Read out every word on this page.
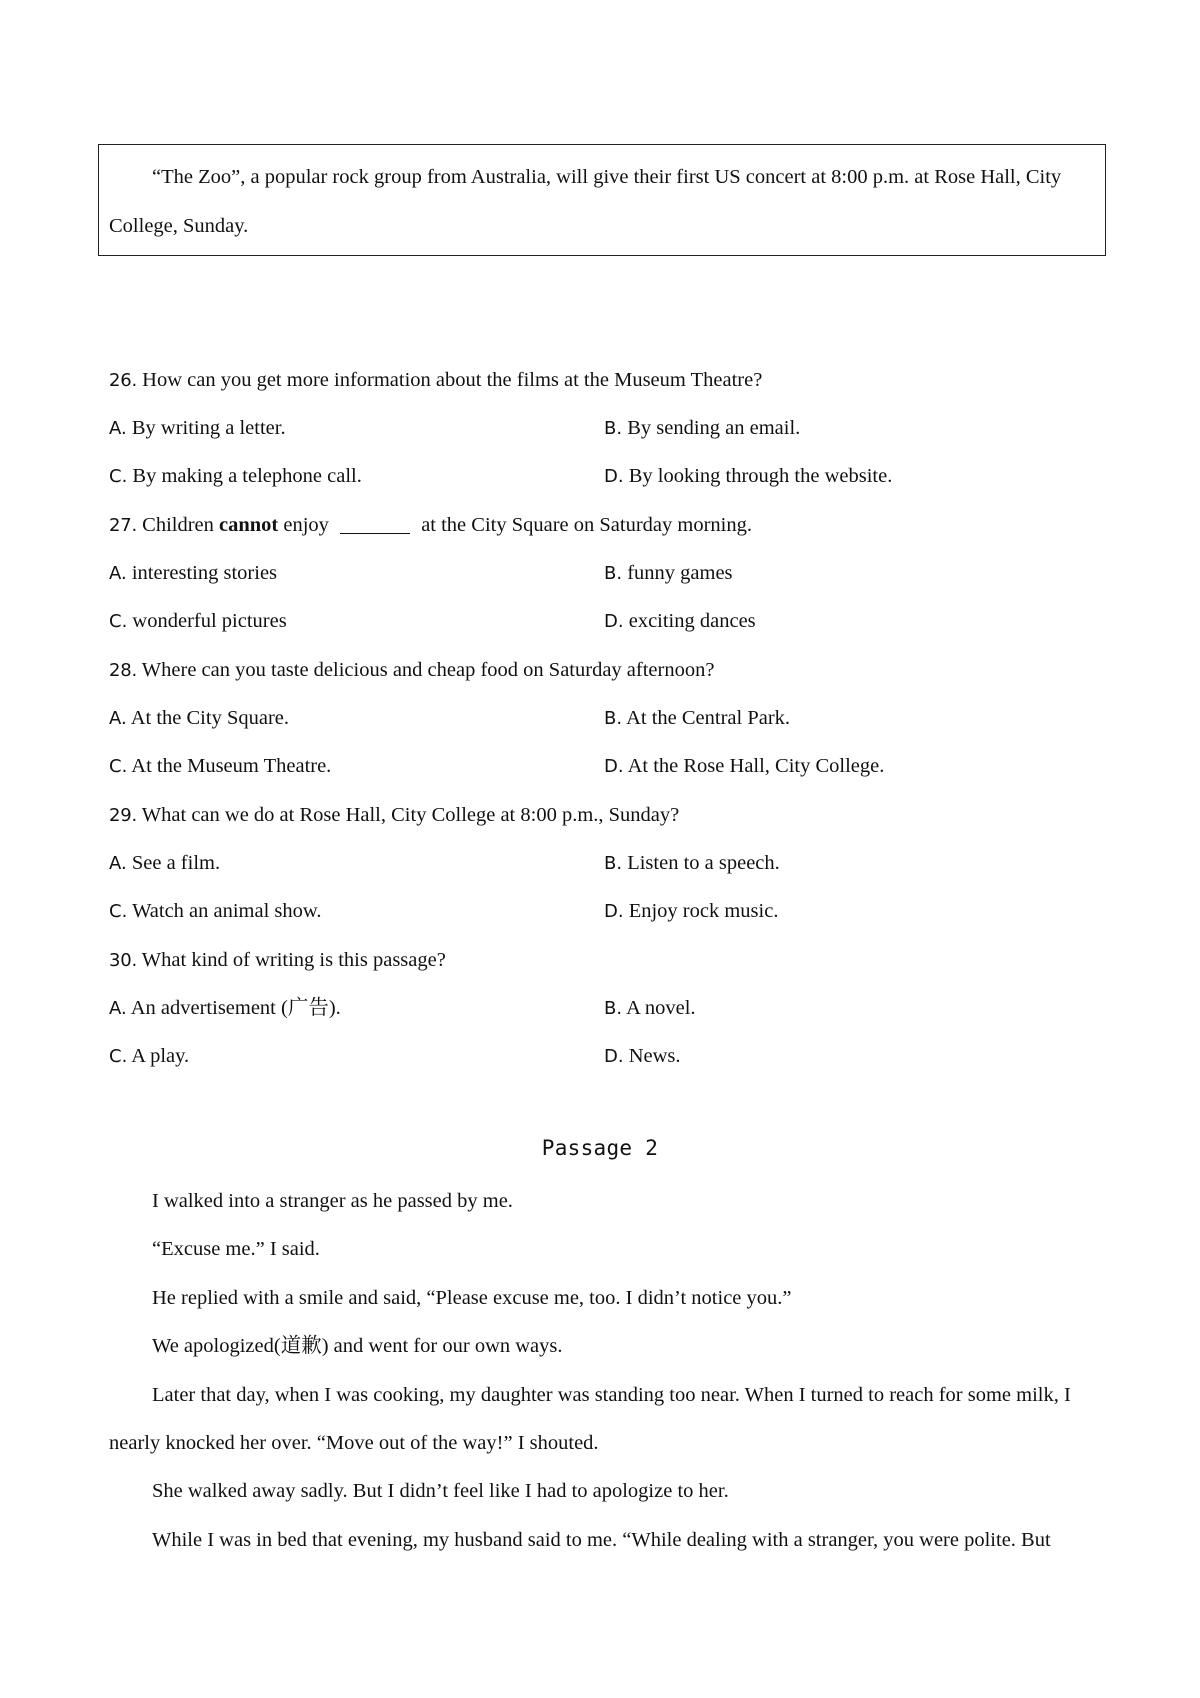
“The Zoo”, a popular rock group from Australia, will give their first US concert at 8:00 p.m. at Rose Hall, City
College, Sunday.
26. How can you get more information about the films at the Museum Theatre?
A. By writing a letter.	B. By sending an email.
C. By making a telephone call.	D. By looking through the website.
27. Children cannot enjoy	at the City Square on Saturday morning.
A. interesting stories	B. funny games
C. wonderful pictures	D. exciting dances
28. Where can you taste delicious and cheap food on Saturday afternoon?
A. At the City Square.	B. At the Central Park.
C. At the Museum Theatre.	D. At the Rose Hall, City College.
29. What can we do at Rose Hall, City College at 8:00 p.m., Sunday?
A. See a film.	B. Listen to a speech.
C. Watch an animal show.	D. Enjoy rock music.
30. What kind of writing is this passage?
A. An advertisement (广告).	B. A novel.
C. A play.	D. News.
Passage 2
I walked into a stranger as he passed by me.
“Excuse me.” I said.
He replied with a smile and said, “Please excuse me, too. I didn’t notice you.”
We apologized(道歉) and went for our own ways.
Later that day, when I was cooking, my daughter was standing too near. When I turned to reach for some milk, I
nearly knocked her over. “Move out of the way!” I shouted.
She walked away sadly. But I didn’t feel like I had to apologize to her.
While I was in bed that evening, my husband said to me. “While dealing with a stranger, you were polite. But
